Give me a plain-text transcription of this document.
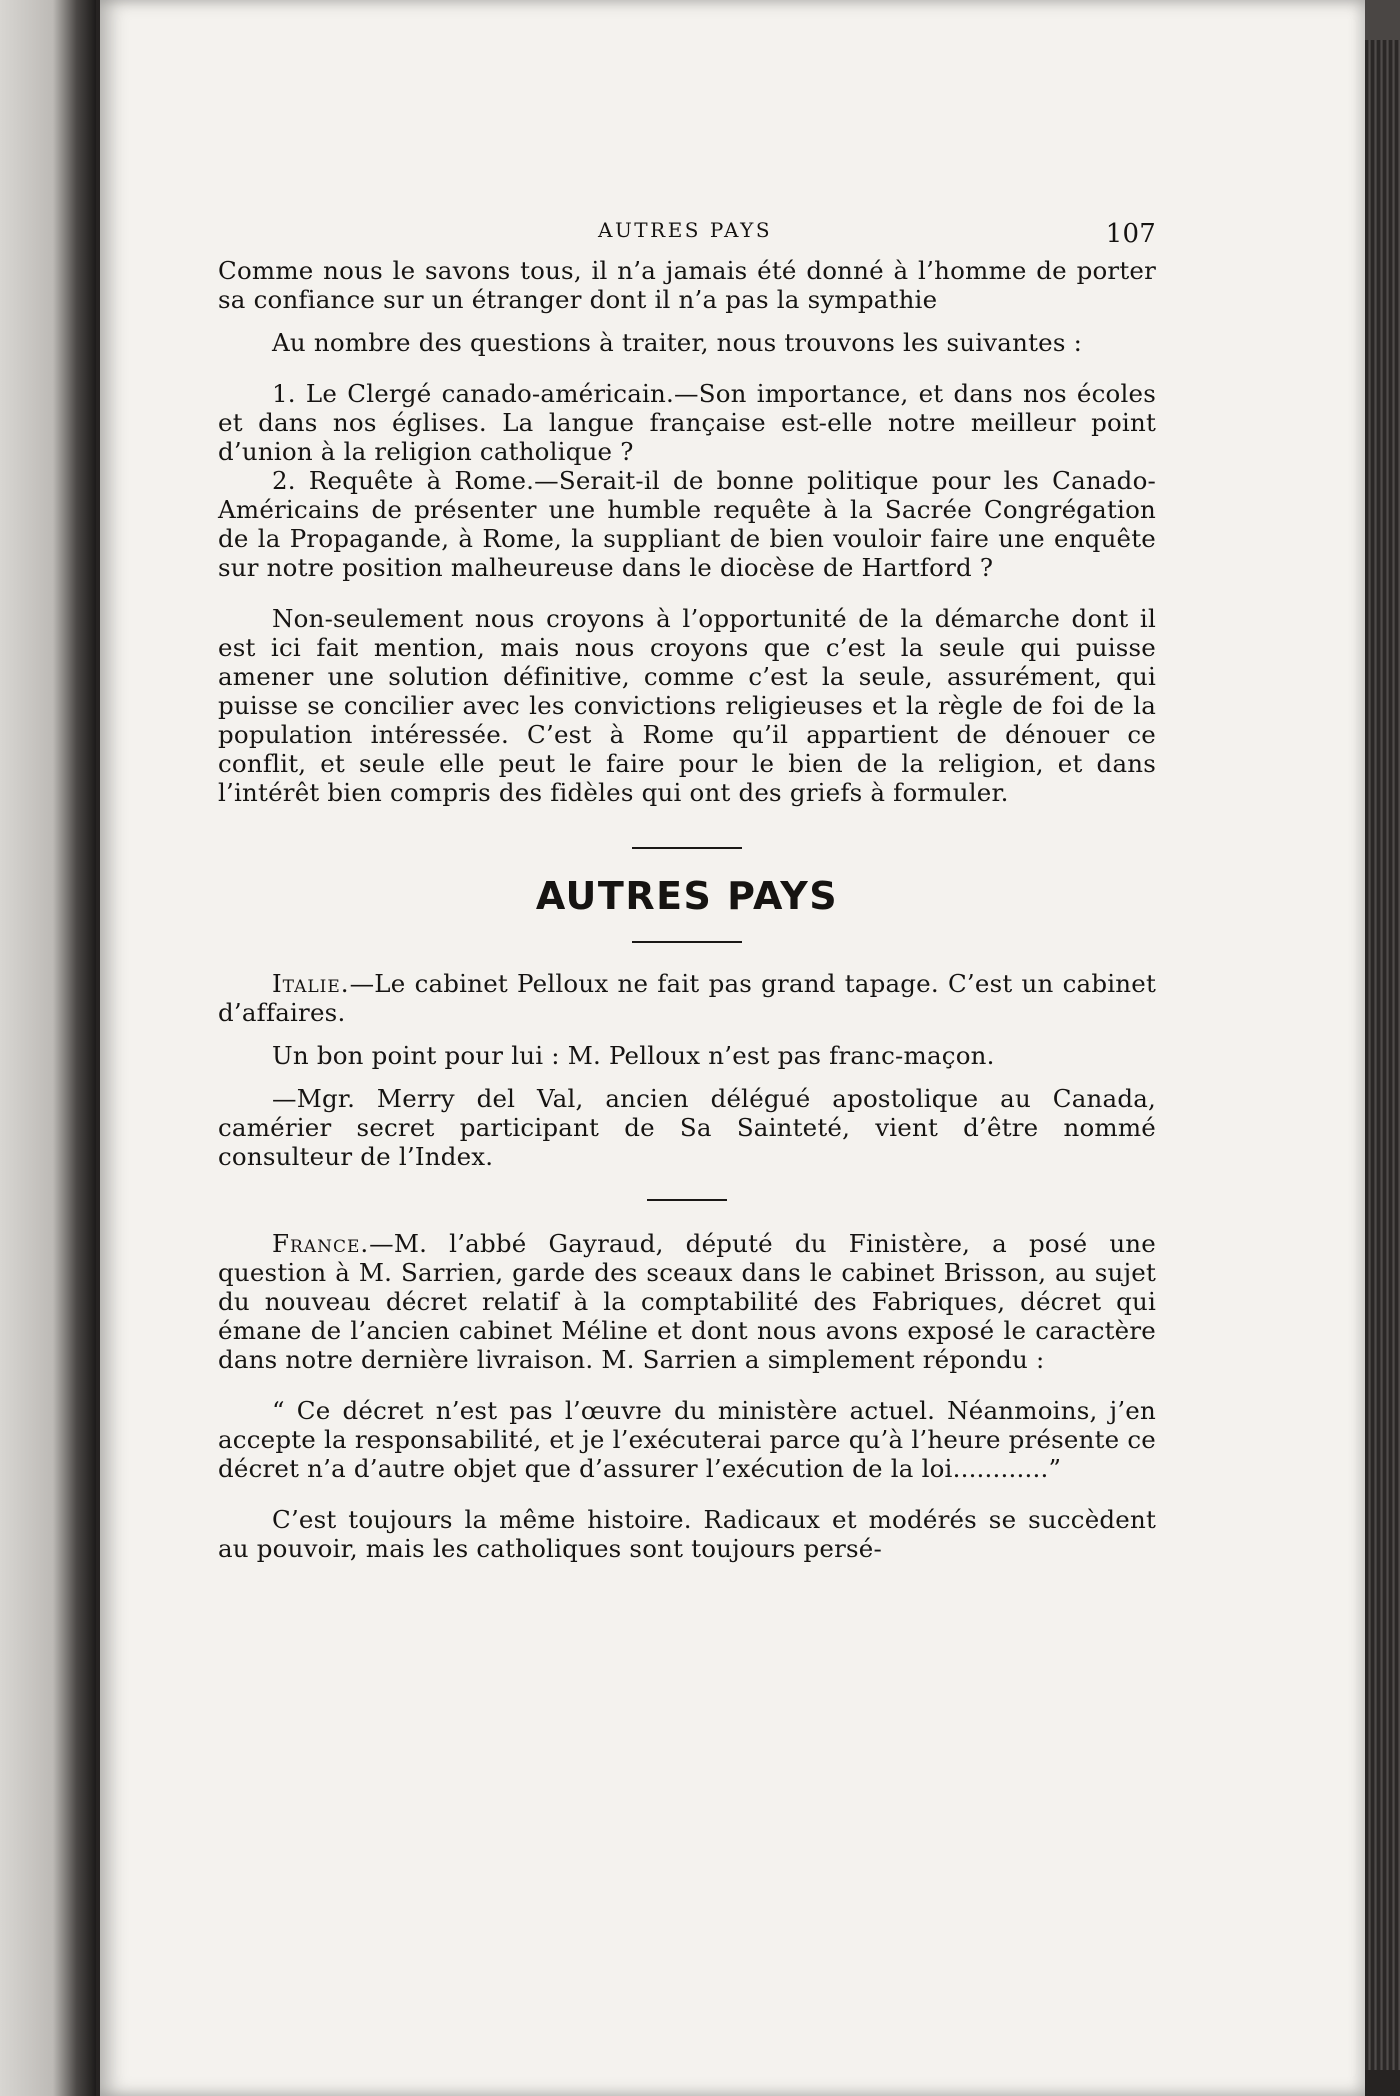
AUTRES PAYS	107

Comme nous le savons tous, il n’a jamais été donné à l’homme de porter sa confiance sur un étranger dont il n’a pas la sympathie

Au nombre des questions à traiter, nous trouvons les suivantes :

1. Le Clergé canado-américain.—Son importance, et dans nos écoles et dans nos églises. La langue française est-elle notre meilleur point d’union à la religion catholique ?

2. Requête à Rome.—Serait-il de bonne politique pour les Canado-Américains de présenter une humble requête à la Sacrée Congrégation de la Propagande, à Rome, la suppliant de bien vouloir faire une enquête sur notre position malheureuse dans le diocèse de Hartford ?

Non-seulement nous croyons à l’opportunité de la démarche dont il est ici fait mention, mais nous croyons que c’est la seule qui puisse amener une solution définitive, comme c’est la seule, assurément, qui puisse se concilier avec les convictions religieuses et la règle de foi de la population intéressée. C’est à Rome qu’il appartient de dénouer ce conflit, et seule elle peut le faire pour le bien de la religion, et dans l’intérêt bien compris des fidèles qui ont des griefs à formuler.

AUTRES PAYS

Italie.—Le cabinet Pelloux ne fait pas grand tapage. C’est un cabinet d’affaires.

Un bon point pour lui : M. Pelloux n’est pas franc-maçon.

—Mgr. Merry del Val, ancien délégué apostolique au Canada, camérier secret participant de Sa Sainteté, vient d’être nommé consulteur de l’Index.

France.—M. l’abbé Gayraud, député du Finistère, a posé une question à M. Sarrien, garde des sceaux dans le cabinet Brisson, au sujet du nouveau décret relatif à la comptabilité des Fabriques, décret qui émane de l’ancien cabinet Méline et dont nous avons exposé le caractère dans notre dernière livraison. M. Sarrien a simplement répondu :

“ Ce décret n’est pas l’œuvre du ministère actuel. Néanmoins, j’en accepte la responsabilité, et je l’exécuterai parce qu’à l’heure présente ce décret n’a d’autre objet que d’assurer l’exécution de la loi............”

C’est toujours la même histoire. Radicaux et modérés se succèdent au pouvoir, mais les catholiques sont toujours persé-
